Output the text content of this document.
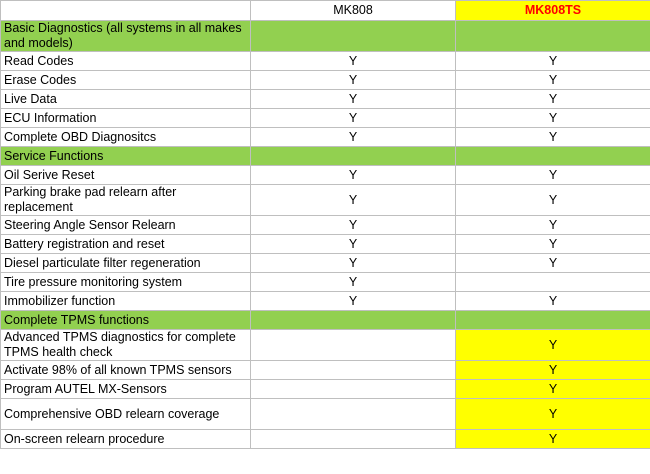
	MK808	MK808TS
Basic Diagnostics (all systems in all makes and models)		
Read Codes	Y	Y
Erase Codes	Y	Y
Live Data	Y	Y
ECU Information	Y	Y
Complete OBD Diagnositcs	Y	Y
Service Functions		
Oil Serive Reset	Y	Y
Parking brake pad relearn after replacement	Y	Y
Steering Angle Sensor Relearn	Y	Y
Battery registration and reset	Y	Y
Diesel particulate filter regeneration	Y	Y
Tire pressure monitoring system	Y	
Immobilizer function	Y	Y
Complete TPMS functions		
Advanced TPMS diagnostics for complete TPMS health check		Y
Activate 98% of all known TPMS sensors		Y
Program AUTEL MX-Sensors		Y
Comprehensive OBD relearn coverage		Y
On-screen relearn procedure		Y
